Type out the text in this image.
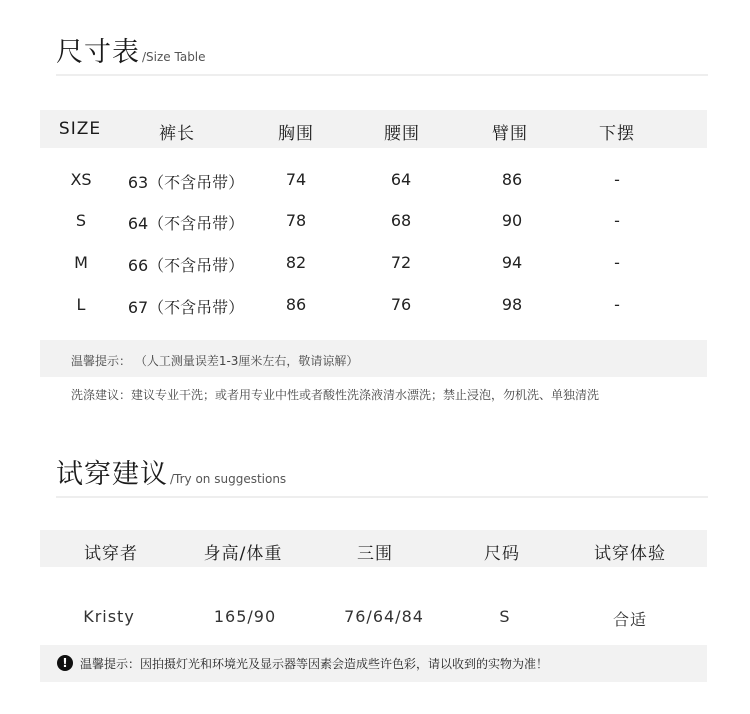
尺寸表 /Size Table
SIZE	裤长	胸围	腰围	臂围	下摆
XS 63（不含吊带）	74	64	86	-
S	64（不含吊带）	78	68	90	-
M 66（不含吊带）	82	72	94	-
L	67（不含吊带）	86	76	98	-
温馨提示： （人工测量误差1-3厘米左右，敬请谅解）
洗涤建议：建议专业干洗；或者用专业中性或者酸性洗涤液清水漂洗；禁止浸泡，勿机洗、单独清洗
试穿建议 /Try on suggestions
试穿者	身高/体重	三围	尺码	试穿体验
Kristy	165/90	76/64/84	S	合适
!	温馨提示：因拍摄灯光和环境光及显示器等因素会造成些许色彩，请以收到的实物为准！
